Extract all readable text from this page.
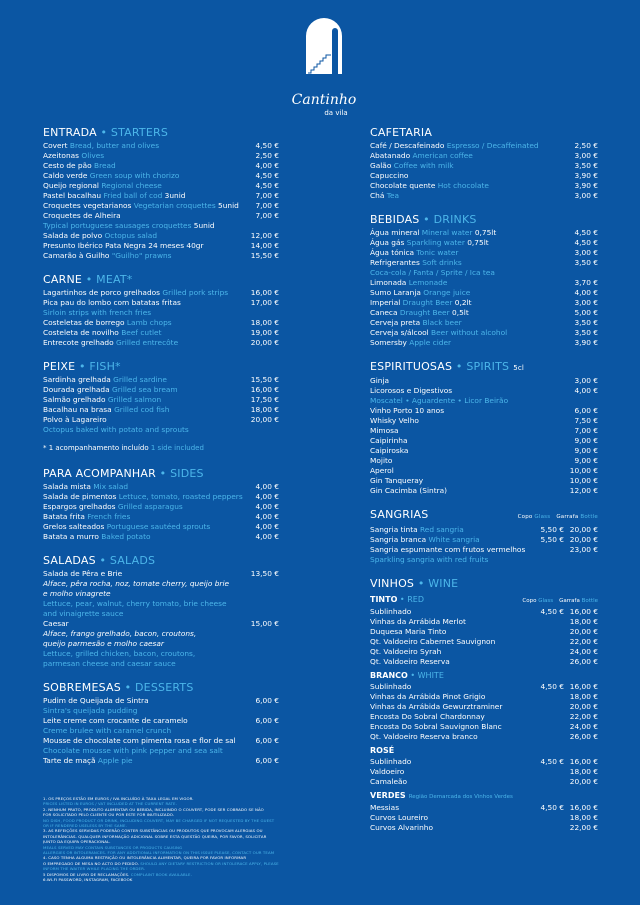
Cantinho
da vila
ENTRADA • STARTERS
Covert Bread, butter and olives	4,50 €
Azeitonas Olives	2,50 €
Cesto de pão Bread	4,00 €
Caldo verde Green soup with chorizo	4,50 €
Queijo regional Regional cheese	4,50 €
Pastel bacalhau Fried ball of cod 3unid	7,00 €
Croquetes vegetarianos Vegetarian croquettes 5unid	7,00 €
Croquetes de Alheira	7,00 €
Typical portuguese sausages croquettes 5unid
Salada de polvo Octopus salad	12,00 €
Presunto Ibérico Pata Negra 24 meses 40gr	14,00 €
Camarão à Guilho "Guilho" prawns	15,50 €
CARNE • MEAT*
Lagartinhos de porco grelhados Grilled pork strips	16,00 €
Pica pau do lombo com batatas fritas	17,00 €
Sirloin strips with french fries
Costeletas de borrego Lamb chops	18,00 €
Costeleta de novilho Beef cutlet	19,00 €
Entrecote grelhado Grilled entrecôte	20,00 €
PEIXE • FISH*
Sardinha grelhada Grilled sardine	15,50 €
Dourada grelhada Grilled sea bream	16,00 €
Salmão grelhado Grilled salmon	17,50 €
Bacalhau na brasa Grilled cod fish	18,00 €
Polvo à Lagareiro	20,00 €
Octopus baked with potato and sprouts
* 1 acompanhamento incluído 1 side included
PARA ACOMPANHAR • SIDES
Salada mista Mix salad	4,00 €
Salada de pimentos Lettuce, tomato, roasted peppers	4,00 €
Espargos grelhados Grilled asparagus	4,00 €
Batata frita French fries	4,00 €
Grelos salteados Portuguese sautéed sprouts	4,00 €
Batata a murro Baked potato	4,00 €
SALADAS • SALADS
Salada de Pêra e Brie	13,50 €
Alface, pêra rocha, noz, tomate cherry, queijo brie
e molho vinagrete
Lettuce, pear, walnut, cherry tomato, brie cheese
and vinaigrette sauce
Caesar	15,00 €
Alface, frango grelhado, bacon, croutons,
queijo parmesão e molho caesar
Lettuce, grilled chicken, bacon, croutons,
parmesan cheese and caesar sauce
SOBREMESAS • DESSERTS
Pudim de Queijada de Sintra	6,00 €
Sintra's queijada pudding
Leite creme com crocante de caramelo	6,00 €
Creme brulee with caramel crunch
Mousse de chocolate com pimenta rosa e flor de sal	6,00 €
Chocolate mousse with pink pepper and sea salt
Tarte de maçã Apple pie	6,00 €
CAFETARIA
Café / Descafeinado Espresso / Decaffeinated	2,50 €
Abatanado American coffee	3,00 €
Galão Coffee with milk	3,50 €
Capuccino	3,90 €
Chocolate quente Hot chocolate	3,90 €
Chá Tea	3,00 €
BEBIDAS • DRINKS
Água mineral Mineral water 0,75lt	4,50 €
Água gás Sparkling water 0,75lt	4,50 €
Água tónica Tonic water	3,00 €
Refrigerantes Soft drinks	3,50 €
Coca-cola / Fanta / Sprite / Ica tea
Limonada Lemonade	3,70 €
Sumo Laranja Orange juice	4,00 €
Imperial Draught Beer 0,2lt	3,00 €
Caneca Draught Beer 0,5lt	5,00 €
Cerveja preta Black beer	3,50 €
Cerveja s/álcool Beer without alcohol	3,50 €
Somersby Apple cider	3,90 €
ESPIRITUOSAS • SPIRITS 5cl
Ginja	3,00 €
Licorosos e Digestivos	4,00 €
Moscatel • Aguardente • Licor Beirão
Vinho Porto 10 anos	6,00 €
Whisky Velho	7,50 €
Mimosa	7,00 €
Caipirinha	9,00 €
Caipiroska	9,00 €
Mojito	9,00 €
Aperol	10,00 €
Gin Tanqueray	10,00 €
Gin Cacimba (Sintra)	12,00 €
SANGRIAS	Copo Glass Garrafa Bottle
Sangria tinta Red sangria	5,50 € 20,00 €
Sangria branca White sangria	5,50 € 20,00 €
Sangria espumante com frutos vermelhos	23,00 €
Sparkling sangria with red fruits
VINHOS • WINE
TINTO • RED	Copo Glass Garrafa Bottle
Sublinhado	4,50 € 16,00 €
Vinhas da Arrábida Merlot	18,00 €
Duquesa Maria Tinto	20,00 €
Qt. Valdoeiro Cabernet Sauvignon	22,00 €
Qt. Valdoeiro Syrah	24,00 €
Qt. Valdoeiro Reserva	26,00 €
BRANCO • WHITE
Sublinhado	4,50 € 16,00 €
Vinhas da Arrábida Pinot Grigio	18,00 €
Vinhas da Arrábida Gewurztraminer	20,00 €
Encosta Do Sobral Chardonnay	22,00 €
Encosta Do Sobral Sauvignon Blanc	24,00 €
Qt. Valdoeiro Reserva branco	26,00 €
ROSÉ
Sublinhado	4,50 € 16,00 €
Valdoeiro	18,00 €
Camaleão	20,00 €
VERDES Região Demarcada dos Vinhos Verdes
Messias	4,50 € 16,00 €
Curvos Loureiro	18,00 €
Curvos Alvarinho	22,00 €
1. OS PREÇOS ESTÃO EM EUROS / IVA INCLUÍDO À TAXA LEGAL EM VIGOR.
PRICES LISTED IN EUROS / VAT INCLUDED AT THE CURRENT RATE.
2. NENHUM PRATO, PRODUTO ALIMENTAR OU BEBIDA, INCLUINDO O COUVERT, PODE SER COBRADO SE NÃO
FOR SOLICITADO PELO CLIENTE OU POR ESTE FOR INUTILIZADO.
NO DISH, FOOD PRODUCT OR DRINK, INCLUDING COUVERT, MAY BE CHARGED IF NOT REQUESTED BY THE GUEST
OR IF RENDERED USELESS BY THE SAME.
3. AS REFEIÇÕES SERVIDAS PODERÃO CONTER SUBSTÂNCIAS OU PRODUTOS QUE PROVOCAM ALERGIAS OU
INTOLERÂNCIAS. QUALQUER INFORMAÇÃO ADICIONAL SOBRE ESTA QUESTÃO QUEIRA, POR FAVOR, SOLICITAR
JUNTO DA EQUIPA OPERACIONAL.
MEALS SERVED MAY CONTAIN SUBSTANCES OR PRODUCTS CAUSING
ALLERGIES OR INTOLERANCES. FOR ANY ADDITIONAL INFORMATION ON THIS ISSUE PLEASE, CONTACT OUR TEAM
4. CASO TENHA ALGUMA RESTRIÇÃO OU INTOLERÂNCIA ALIMENTAR, QUEIRA POR FAVOR INFORMAR
O EMPREGADO DE MESA NO ACTO DO PEDIDO. SHOULD ANY DIETARY RESTRICTION OR INTOLERACE APPLY, PLEASE
INFORM THE WAITER WHILE PLACING THE ORDER.
5 DISPOMOS DE LIVRO DE RECLAMAÇÕES. COMPLAINT BOOK AVAILABLE.
6.WI-FI PASSWORD, INSTAGRAM, FACEBOOK
